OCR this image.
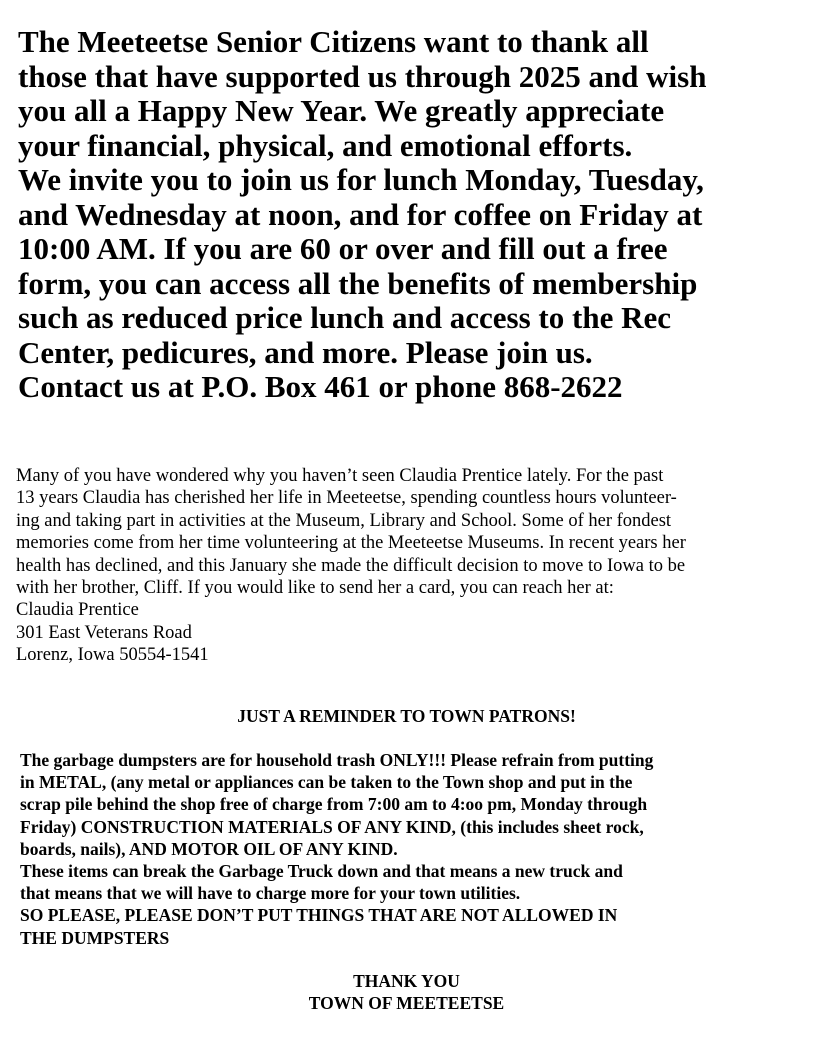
The Meeteetse Senior Citizens want to thank all
those that have supported us through 2025 and wish
you all a Happy New Year. We greatly appreciate
your financial, physical, and emotional efforts.
We invite you to join us for lunch Monday, Tuesday,
and Wednesday at noon, and for coffee on Friday at
10:00 AM. If you are 60 or over and fill out a free
form, you can access all the benefits of membership
such as reduced price lunch and access to the Rec
Center, pedicures, and more. Please join us.
Contact us at P.O. Box 461 or phone 868-2622
Many of you have wondered why you haven’t seen Claudia Prentice lately. For the past
13 years Claudia has cherished her life in Meeteetse, spending countless hours volunteer-
ing and taking part in activities at the Museum, Library and School. Some of her fondest
memories come from her time volunteering at the Meeteetse Museums. In recent years her
health has declined, and this January she made the difficult decision to move to Iowa to be
with her brother, Cliff. If you would like to send her a card, you can reach her at:
Claudia Prentice
301 East Veterans Road
Lorenz, Iowa 50554-1541
JUST A REMINDER TO TOWN PATRONS!
The garbage dumpsters are for household trash ONLY!!! Please refrain from putting
in METAL, (any metal or appliances can be taken to the Town shop and put in the
scrap pile behind the shop free of charge from 7:00 am to 4:oo pm, Monday through
Friday) CONSTRUCTION MATERIALS OF ANY KIND, (this includes sheet rock,
boards, nails), AND MOTOR OIL OF ANY KIND.
These items can break the Garbage Truck down and that means a new truck and
that means that we will have to charge more for your town utilities.
SO PLEASE, PLEASE DON’T PUT THINGS THAT ARE NOT ALLOWED IN
THE DUMPSTERS
THANK YOU
TOWN OF MEETEETSE
